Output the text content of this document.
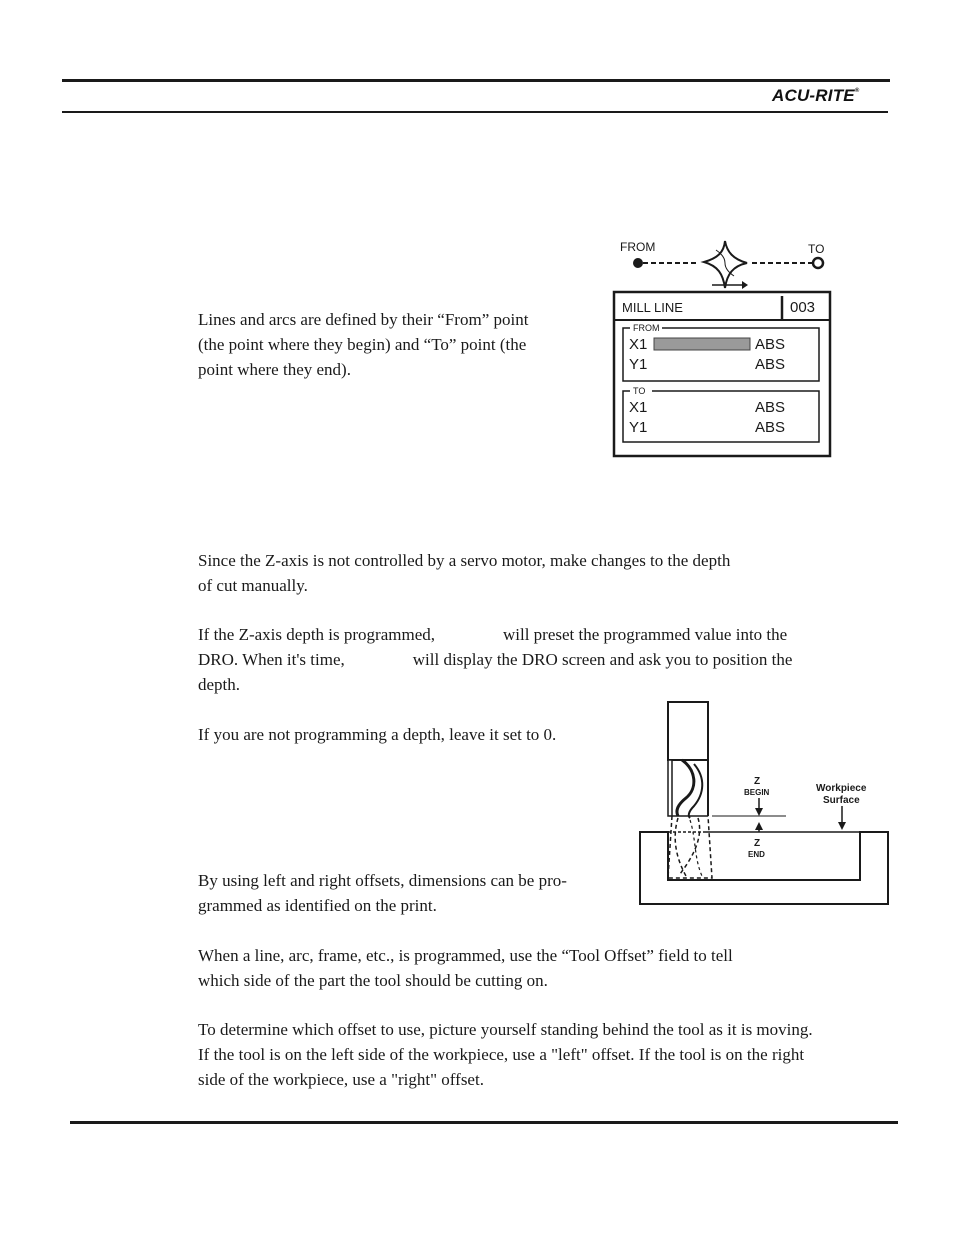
ACU-RITE®

Lines and arcs are defined by their “From” point
(the point where they begin) and “To” point (the
point where they end).

FROM	TO
MILL LINE	003
FROM
X1	ABS
Y1	ABS
TO
X1	ABS
Y1	ABS

Since the Z-axis is not controlled by a servo motor, make changes to the depth
of cut manually.

If the Z-axis depth is programmed,                will preset the programmed value into the
DRO. When it's time,                will display the DRO screen and ask you to position the
depth.

If you are not programming a depth, leave it set to 0.

Z
BEGIN
Z
END
Workpiece
Surface

By using left and right offsets, dimensions can be pro-
grammed as identified on the print.

When a line, arc, frame, etc., is programmed, use the “Tool Offset” field to tell
which side of the part the tool should be cutting on.

To determine which offset to use, picture yourself standing behind the tool as it is moving.
If the tool is on the left side of the workpiece, use a "left" offset. If the tool is on the right
side of the workpiece, use a "right" offset.
